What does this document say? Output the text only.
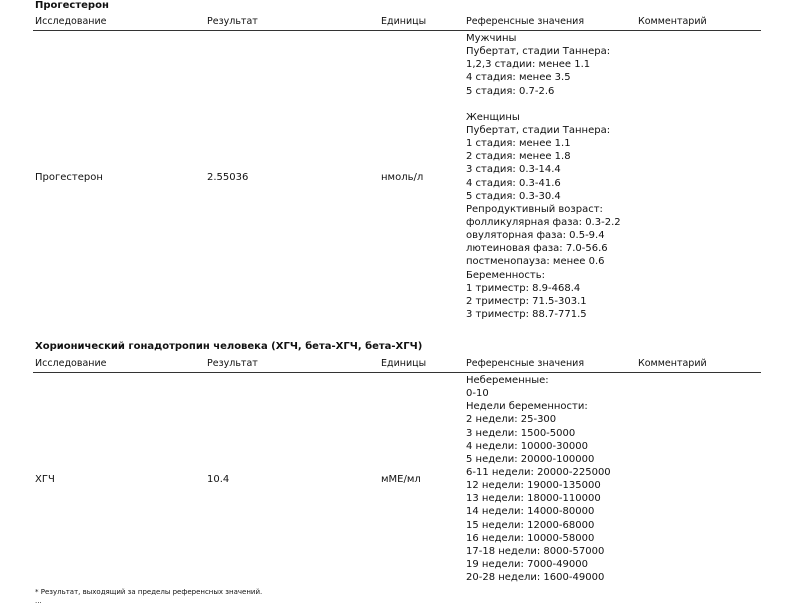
Прогестерон
Исследование	Результат	Единицы	Референсные значения	Комментарий
Прогестерон	2.55036	нмоль/л
Мужчины
Пубертат, стадии Таннера:
1,2,3 стадии: менее 1.1
4 стадия: менее 3.5
5 стадия: 0.7-2.6
Женщины
Пубертат, стадии Таннера:
1 стадия: менее 1.1
2 стадия: менее 1.8
3 стадия: 0.3-14.4
4 стадия: 0.3-41.6
5 стадия: 0.3-30.4
Репродуктивный возраст:
фолликулярная фаза: 0.3-2.2
овуляторная фаза: 0.5-9.4
лютеиновая фаза: 7.0-56.6
постменопауза: менее 0.6
Беременность:
1 триместр: 8.9-468.4
2 триместр: 71.5-303.1
3 триместр: 88.7-771.5
Хорионический гонадотропин человека (ХГЧ, бета-ХГЧ, бета-ХГЧ)
Исследование	Результат	Единицы	Референсные значения	Комментарий
ХГЧ	10.4	мМЕ/мл
Небеременные:
0-10
Недели беременности:
2 недели: 25-300
3 недели: 1500-5000
4 недели: 10000-30000
5 недели: 20000-100000
6-11 недели: 20000-225000
12 недели: 19000-135000
13 недели: 18000-110000
14 недели: 14000-80000
15 недели: 12000-68000
16 недели: 10000-58000
17-18 недели: 8000-57000
19 недели: 7000-49000
20-28 недели: 1600-49000
* Результат, выходящий за пределы референсных значений.
...
